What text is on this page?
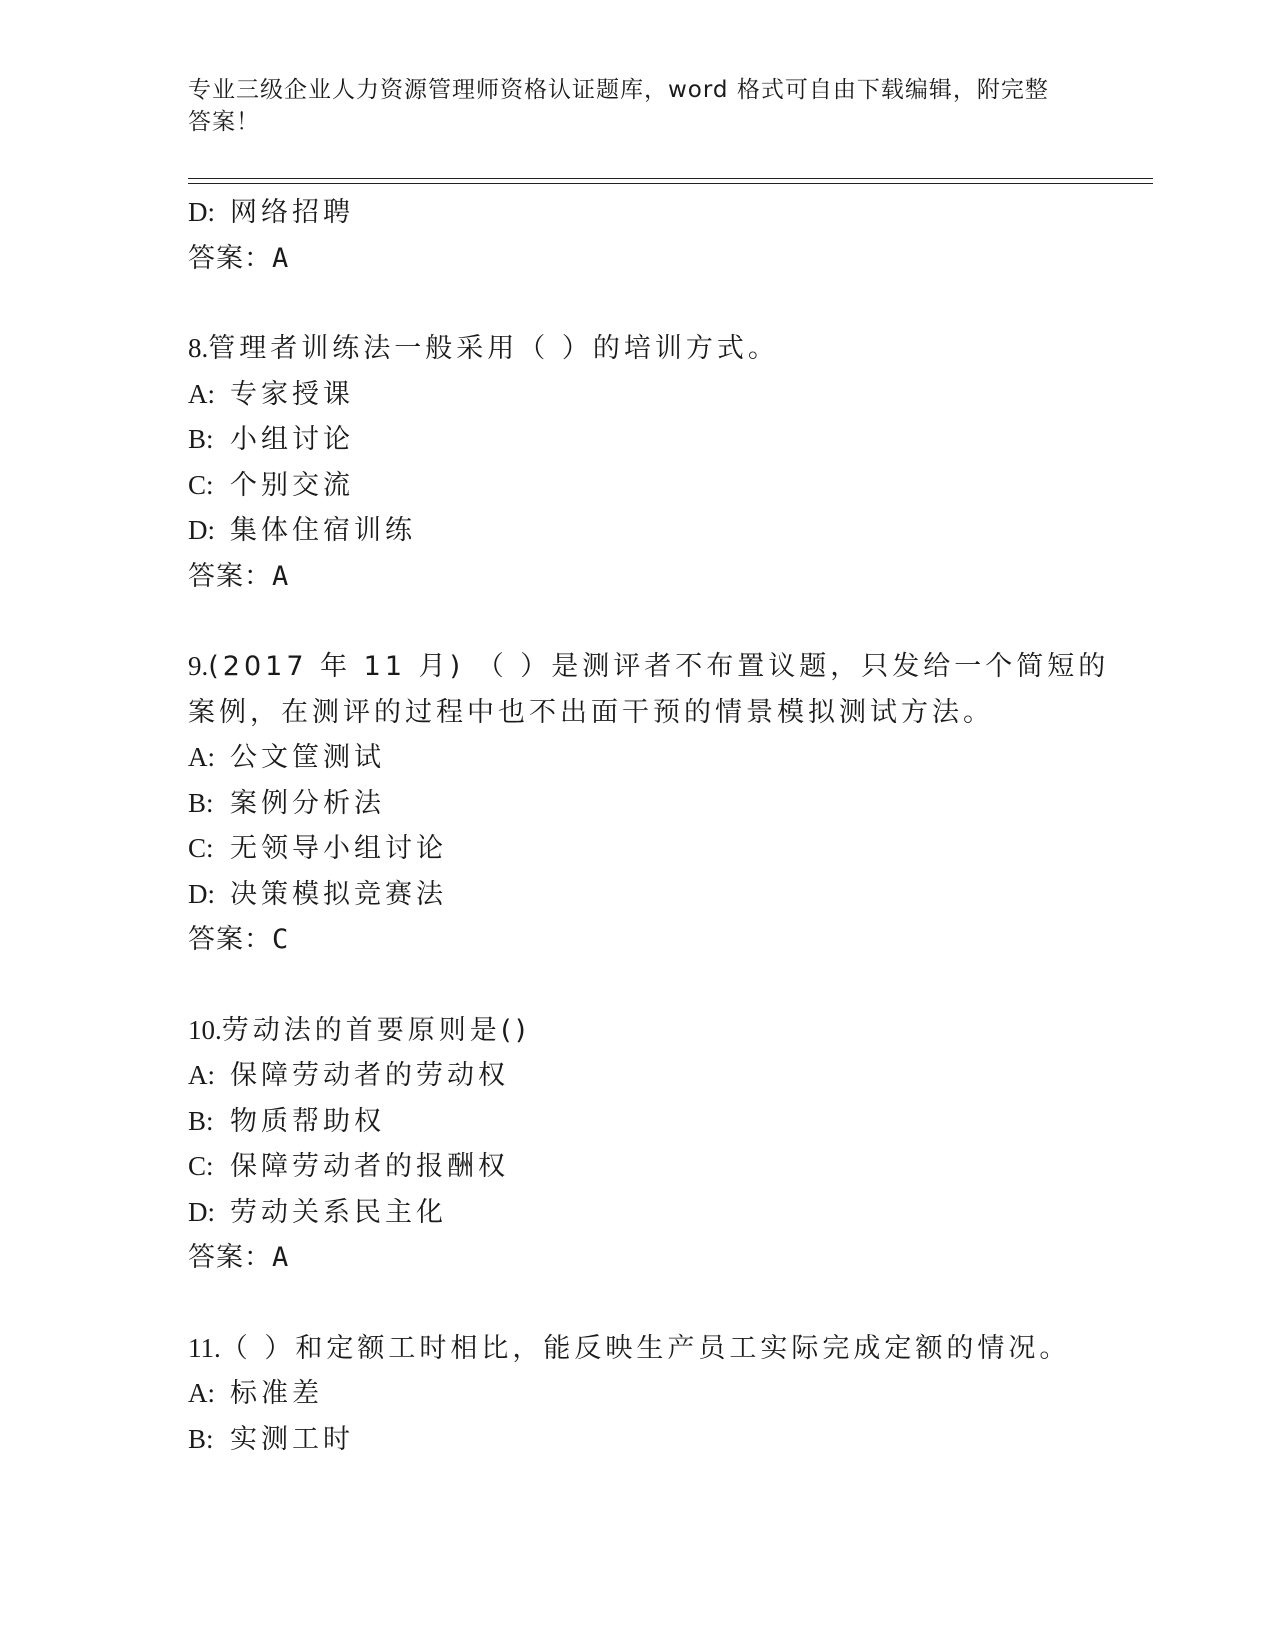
专业三级企业人力资源管理师资格认证题库，word 格式可自由下载编辑，附完整
答案！
D: 网络招聘
答案：A
8.管理者训练法一般采用（ ）的培训方式。
A: 专家授课
B: 小组讨论
C: 个别交流
D: 集体住宿训练
答案：A
9.(2017 年 11 月) （ ）是测评者不布置议题，只发给一个简短的
案例，在测评的过程中也不出面干预的情景模拟测试方法。
A: 公文筐测试
B: 案例分析法
C: 无领导小组讨论
D: 决策模拟竞赛法
答案：C
10.劳动法的首要原则是()
A: 保障劳动者的劳动权
B: 物质帮助权
C: 保障劳动者的报酬权
D: 劳动关系民主化
答案：A
11.（ ）和定额工时相比，能反映生产员工实际完成定额的情况。
A: 标准差
B: 实测工时
